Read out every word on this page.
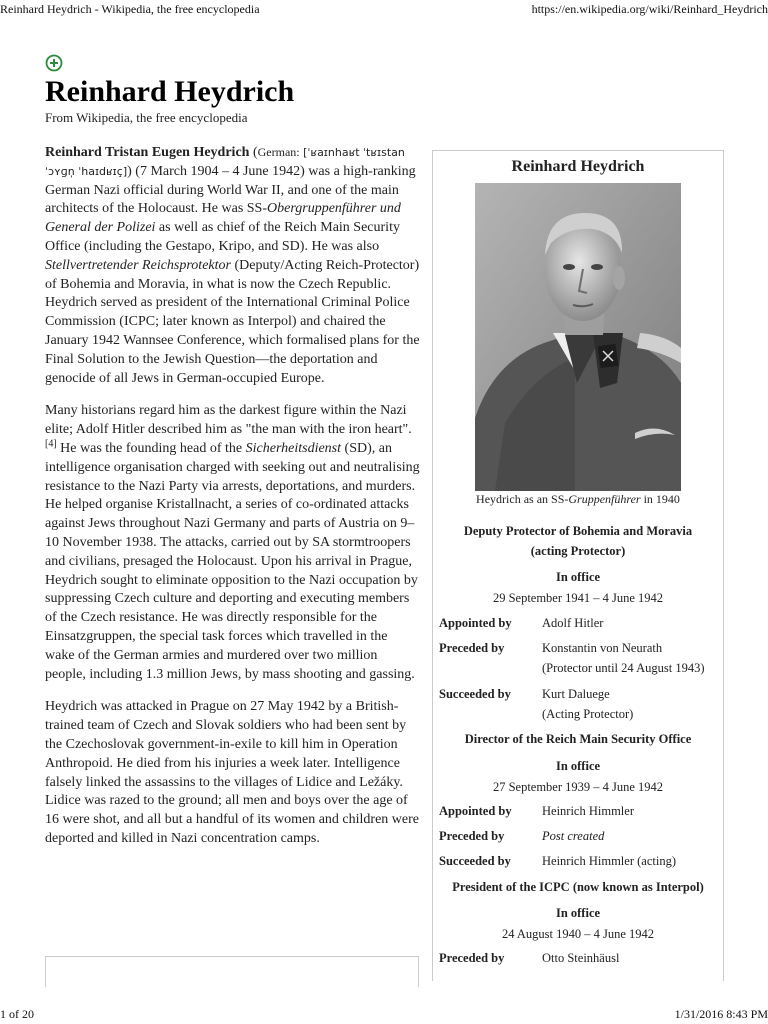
Reinhard Heydrich - Wikipedia, the free encyclopedia	https://en.wikipedia.org/wiki/Reinhard_Heydrich
Reinhard Heydrich
From Wikipedia, the free encyclopedia

Reinhard Tristan Eugen Heydrich (German: [ˈʁaɪnhaʁt ˈtʁɪstan ˈɔʏɡn̩ ˈhaɪdʁɪç]) (7 March 1904 – 4 June 1942) was a high-ranking German Nazi official during World War II, and one of the main architects of the Holocaust. He was SS-Obergruppenführer und General der Polizei as well as chief of the Reich Main Security Office (including the Gestapo, Kripo, and SD). He was also Stellvertretender Reichsprotektor (Deputy/Acting Reich-Protector) of Bohemia and Moravia, in what is now the Czech Republic. Heydrich served as president of the International Criminal Police Commission (ICPC; later known as Interpol) and chaired the January 1942 Wannsee Conference, which formalised plans for the Final Solution to the Jewish Question—the deportation and genocide of all Jews in German-occupied Europe.

Many historians regard him as the darkest figure within the Nazi elite; Adolf Hitler described him as "the man with the iron heart".[4] He was the founding head of the Sicherheitsdienst (SD), an intelligence organisation charged with seeking out and neutralising resistance to the Nazi Party via arrests, deportations, and murders. He helped organise Kristallnacht, a series of co-ordinated attacks against Jews throughout Nazi Germany and parts of Austria on 9–10 November 1938. The attacks, carried out by SA stormtroopers and civilians, presaged the Holocaust. Upon his arrival in Prague, Heydrich sought to eliminate opposition to the Nazi occupation by suppressing Czech culture and deporting and executing members of the Czech resistance. He was directly responsible for the Einsatzgruppen, the special task forces which travelled in the wake of the German armies and murdered over two million people, including 1.3 million Jews, by mass shooting and gassing.

Heydrich was attacked in Prague on 27 May 1942 by a British-trained team of Czech and Slovak soldiers who had been sent by the Czechoslovak government-in-exile to kill him in Operation Anthropoid. He died from his injuries a week later. Intelligence falsely linked the assassins to the villages of Lidice and Ležáky. Lidice was razed to the ground; all men and boys over the age of 16 were shot, and all but a handful of its women and children were deported and killed in Nazi concentration camps.

Reinhard Heydrich
Heydrich as an SS-Gruppenführer in 1940
Deputy Protector of Bohemia and Moravia
(acting Protector)
In office
29 September 1941 – 4 June 1942
Appointed by Adolf Hitler
Preceded by	Konstantin von Neurath
(Protector until 24 August 1943)
Succeeded by Kurt Daluege
(Acting Protector)
Director of the Reich Main Security Office
In office
27 September 1939 – 4 June 1942
Appointed by Heinrich Himmler
Preceded by	Post created
Succeeded by Heinrich Himmler (acting)
President of the ICPC (now known as Interpol)
In office
24 August 1940 – 4 June 1942
Preceded by	Otto Steinhäusl
1 of 20	1/31/2016 8:43 PM
